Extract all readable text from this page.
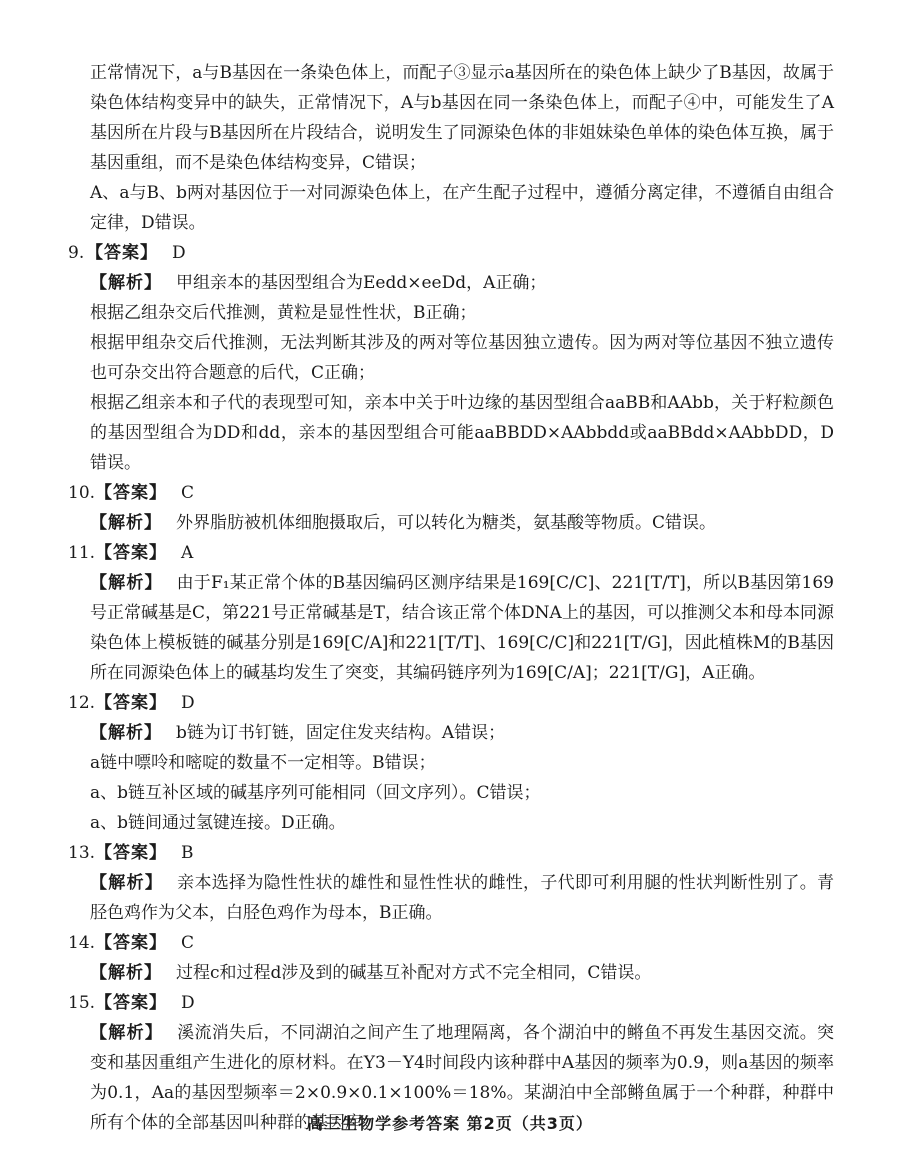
正常情况下，a与B基因在一条染色体上，而配子③显示a基因所在的染色体上缺少了B基因，故属于染色体结构变异中的缺失，正常情况下，A与b基因在同一条染色体上，而配子④中，可能发生了A基因所在片段与B基因所在片段结合，说明发生了同源染色体的非姐妹染色单体的染色体互换，属于基因重组，而不是染色体结构变异，C错误；

A、a与B、b两对基因位于一对同源染色体上，在产生配子过程中，遵循分离定律，不遵循自由组合定律，D错误。

9. 【答案】 D

【解析】 甲组亲本的基因型组合为Eedd×eeDd，A正确；

根据乙组杂交后代推测，黄粒是显性性状，B正确；

根据甲组杂交后代推测，无法判断其涉及的两对等位基因独立遗传。因为两对等位基因不独立遗传也可杂交出符合题意的后代，C正确；

根据乙组亲本和子代的表现型可知，亲本中关于叶边缘的基因型组合aaBB和AAbb，关于籽粒颜色的基因型组合为DD和dd，亲本的基因型组合可能aaBBDD×AAbbdd或aaBBdd×AAbbDD，D错误。

10.【答案】 C

【解析】 外界脂肪被机体细胞摄取后，可以转化为糖类，氨基酸等物质。C错误。

11.【答案】 A

【解析】 由于F₁某正常个体的B基因编码区测序结果是169[C/C]、221[T/T]，所以B基因第169号正常碱基是C，第221号正常碱基是T，结合该正常个体DNA上的基因，可以推测父本和母本同源染色体上模板链的碱基分别是169[C/A]和221[T/T]、169[C/C]和221[T/G]，因此植株M的B基因所在同源染色体上的碱基均发生了突变，其编码链序列为169[C/A]；221[T/G]，A正确。

12.【答案】 D

【解析】 b链为订书钉链，固定住发夹结构。A错误；

a链中嘌呤和嘧啶的数量不一定相等。B错误；

a、b链互补区域的碱基序列可能相同（回文序列）。C错误；

a、b链间通过氢键连接。D正确。

13.【答案】 B

【解析】 亲本选择为隐性性状的雄性和显性性状的雌性，子代即可利用腿的性状判断性别了。青胫色鸡作为父本，白胫色鸡作为母本，B正确。

14.【答案】 C

【解析】 过程c和过程d涉及到的碱基互补配对方式不完全相同，C错误。

15.【答案】 D

【解析】 溪流消失后，不同湖泊之间产生了地理隔离，各个湖泊中的鳉鱼不再发生基因交流。突变和基因重组产生进化的原材料。在Y3－Y4时间段内该种群中A基因的频率为0.9，则a基因的频率为0.1，Aa的基因型频率＝2×0.9×0.1×100%＝18%。某湖泊中全部鳉鱼属于一个种群，种群中所有个体的全部基因叫种群的基因库。

高三生物学参考答案 第2页（共3页）
